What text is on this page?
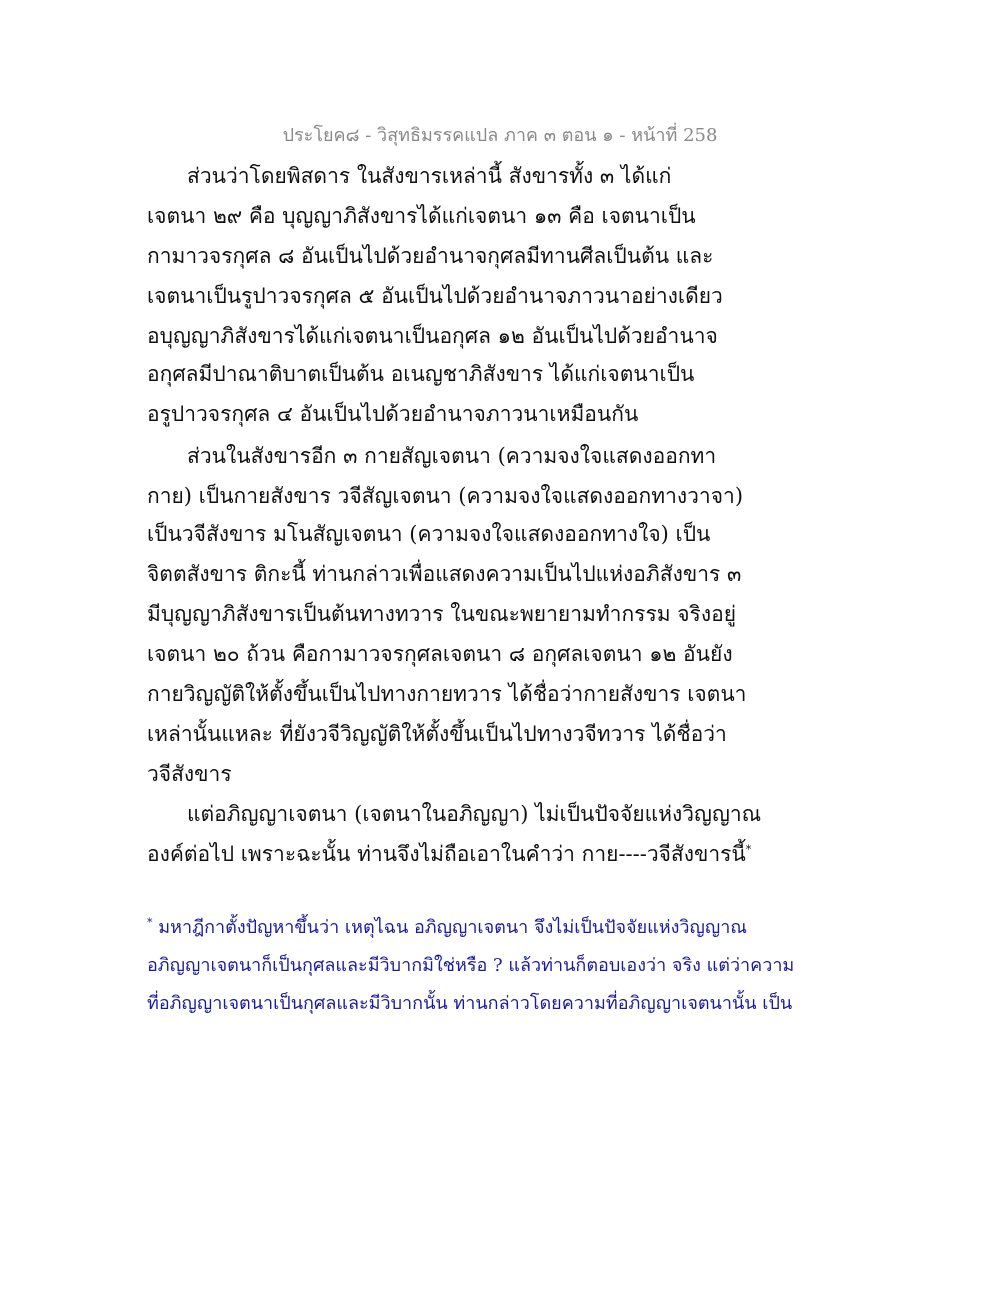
ประโยค๘ - วิสุทธิมรรคแปล ภาค ๓ ตอน ๑ - หน้าที่ 258
ส่วนว่าโดยพิสดาร ในสังขารเหล่านี้ สังขารทั้ง ๓ ได้แก่
เจตนา ๒๙ คือ บุญญาภิสังขารได้แก่เจตนา ๑๓ คือ เจตนาเป็น
กามาวจรกุศล ๘ อันเป็นไปด้วยอำนาจกุศลมีทานศีลเป็นต้น และ
เจตนาเป็นรูปาวจรกุศล ๕ อันเป็นไปด้วยอำนาจภาวนาอย่างเดียว
อบุญญาภิสังขารได้แก่เจตนาเป็นอกุศล ๑๒ อันเป็นไปด้วยอำนาจ
อกุศลมีปาณาติบาตเป็นต้น อเนญชาภิสังขาร ได้แก่เจตนาเป็น
อรูปาวจรกุศล ๔ อันเป็นไปด้วยอำนาจภาวนาเหมือนกัน
ส่วนในสังขารอีก ๓ กายสัญเจตนา (ความจงใจแสดงออกทา
กาย) เป็นกายสังขาร วจีสัญเจตนา (ความจงใจแสดงออกทางวาจา)
เป็นวจีสังขาร มโนสัญเจตนา (ความจงใจแสดงออกทางใจ) เป็น
จิตตสังขาร ติกะนี้ ท่านกล่าวเพื่อแสดงความเป็นไปแห่งอภิสังขาร ๓
มีบุญญาภิสังขารเป็นต้นทางทวาร ในขณะพยายามทำกรรม จริงอยู่
เจตนา ๒๐ ถ้วน คือกามาวจรกุศลเจตนา ๘ อกุศลเจตนา ๑๒ อันยัง
กายวิญญัติให้ตั้งขึ้นเป็นไปทางกายทวาร ได้ชื่อว่ากายสังขาร เจตนา
เหล่านั้นแหละ ที่ยังวจีวิญญัติให้ตั้งขึ้นเป็นไปทางวจีทวาร ได้ชื่อว่า
วจีสังขาร
แต่อภิญญาเจตนา (เจตนาในอภิญญา) ไม่เป็นปัจจัยแห่งวิญญาณ
องค์ต่อไป เพราะฉะนั้น ท่านจึงไม่ถือเอาในคำว่า กาย----วจีสังขารนี้*
* มหาฎีกาตั้งปัญหาขึ้นว่า เหตุไฉน อภิญญาเจตนา จึงไม่เป็นปัจจัยแห่งวิญญาณ
อภิญญาเจตนาก็เป็นกุศลและมีวิบากมิใช่หรือ ? แล้วท่านก็ตอบเองว่า จริง แต่ว่าความ
ที่อภิญญาเจตนาเป็นกุศลและมีวิบากนั้น ท่านกล่าวโดยความที่อภิญญาเจตนานั้น เป็น
